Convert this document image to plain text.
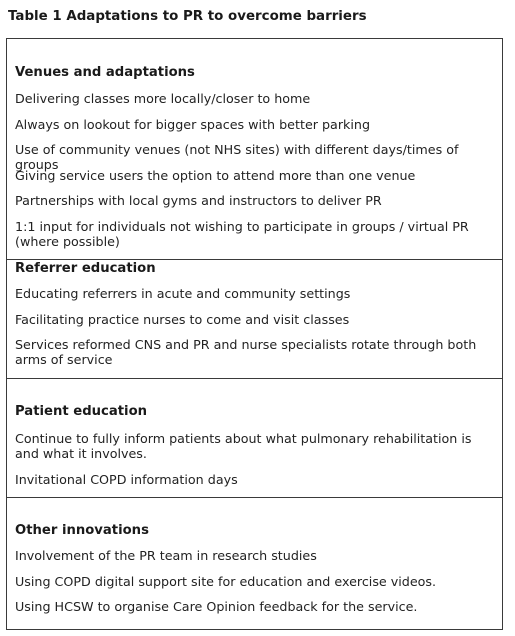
Table 1 Adaptations to PR to overcome barriers
Venues and adaptations
Delivering classes more locally/closer to home
Always on lookout for bigger spaces with better parking
Use of community venues (not NHS sites) with different days/times of groups
Giving service users the option to attend more than one venue
Partnerships with local gyms and instructors to deliver PR
1:1 input for individuals not wishing to participate in groups / virtual PR (where possible)
Referrer education
Educating referrers in acute and community settings
Facilitating practice nurses to come and visit classes
Services reformed CNS and PR and nurse specialists rotate through both arms of service
Patient education
Continue to fully inform patients about what pulmonary rehabilitation is and what it involves.
Invitational COPD information days
Other innovations
Involvement of the PR team in research studies
Using COPD digital support site for education and exercise videos.
Using HCSW to organise Care Opinion feedback for the service.
